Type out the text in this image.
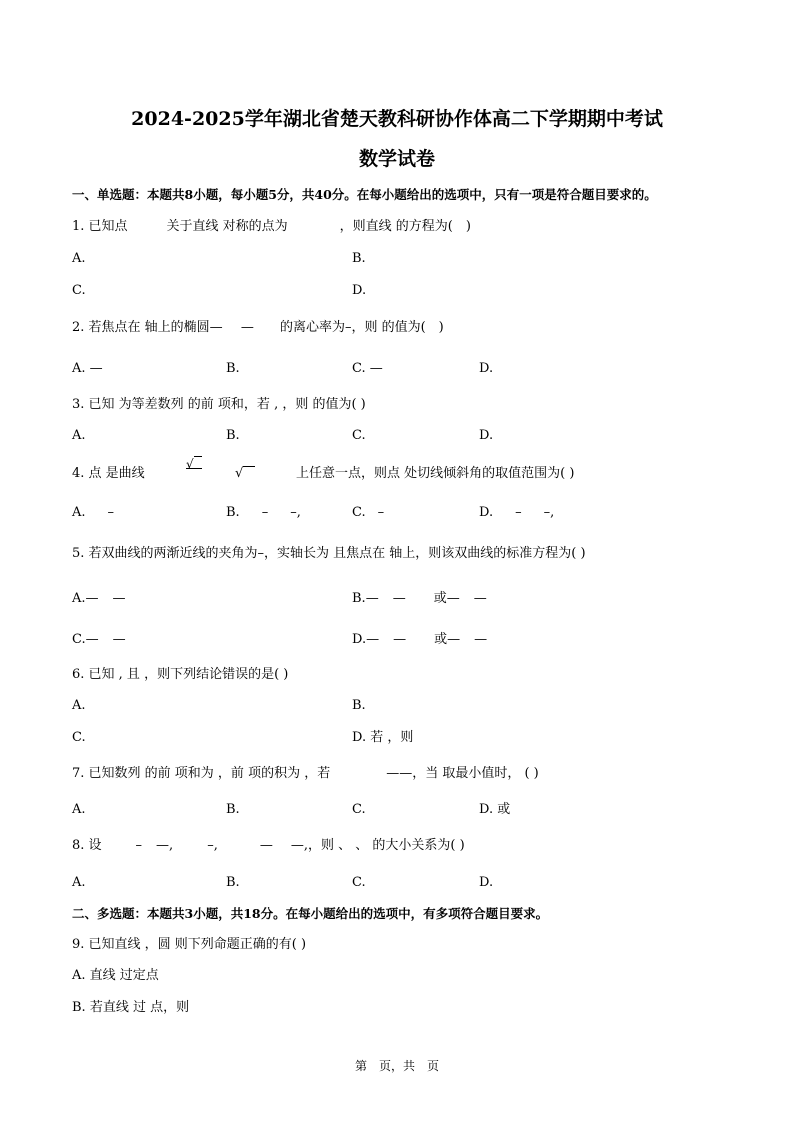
2024-2025学年湖北省楚天教科研协作体高二下学期期中考试
数学试卷
一、单选题：本题共8小题，每小题5分，共40分。在每小题给出的选项中，只有一项是符合题目要求的。
1. 已知点　　　关于直线 对称的点为　　　　，则直线 的方程为(　)
A.	B.
C.	D.
2. 若焦点在 轴上的椭圆— — 的离心率为–，则 的值为(　)
A. —	B.	C. —	D.
3. 已知 为等差数列 的前 项和，若 , ，则 的值为( )
A.	B.	C.	D.
4. 点 是曲线
√
√	上任意一点，则点 处切线倾斜角的取值范围为( )
A. –	B. – –,	C. –	D. – –,
5. 若双曲线的两渐近线的夹角为–，实轴长为 且焦点在 轴上，则该双曲线的标准方程为( )
A.— —	B.— — 或— —
C.— —	D.— — 或— —
6. 已知 , 且 ，则下列结论错误的是( )
A.	B.
C.	D. 若 ，则
7. 已知数列 的前 项和为 ，前 项的积为 ，若	——，当 取最小值时， ( )
A.	B.	C.	D. 或
8. 设	– —,	–,	— —,，则 、 、 的大小关系为( )
A.	B.	C.	D.
二、多选题：本题共3小题，共18分。在每小题给出的选项中，有多项符合题目要求。
9. 已知直线 ，圆 则下列命题正确的有( )
A. 直线 过定点
B. 若直线 过 点，则
第　页，共　页
